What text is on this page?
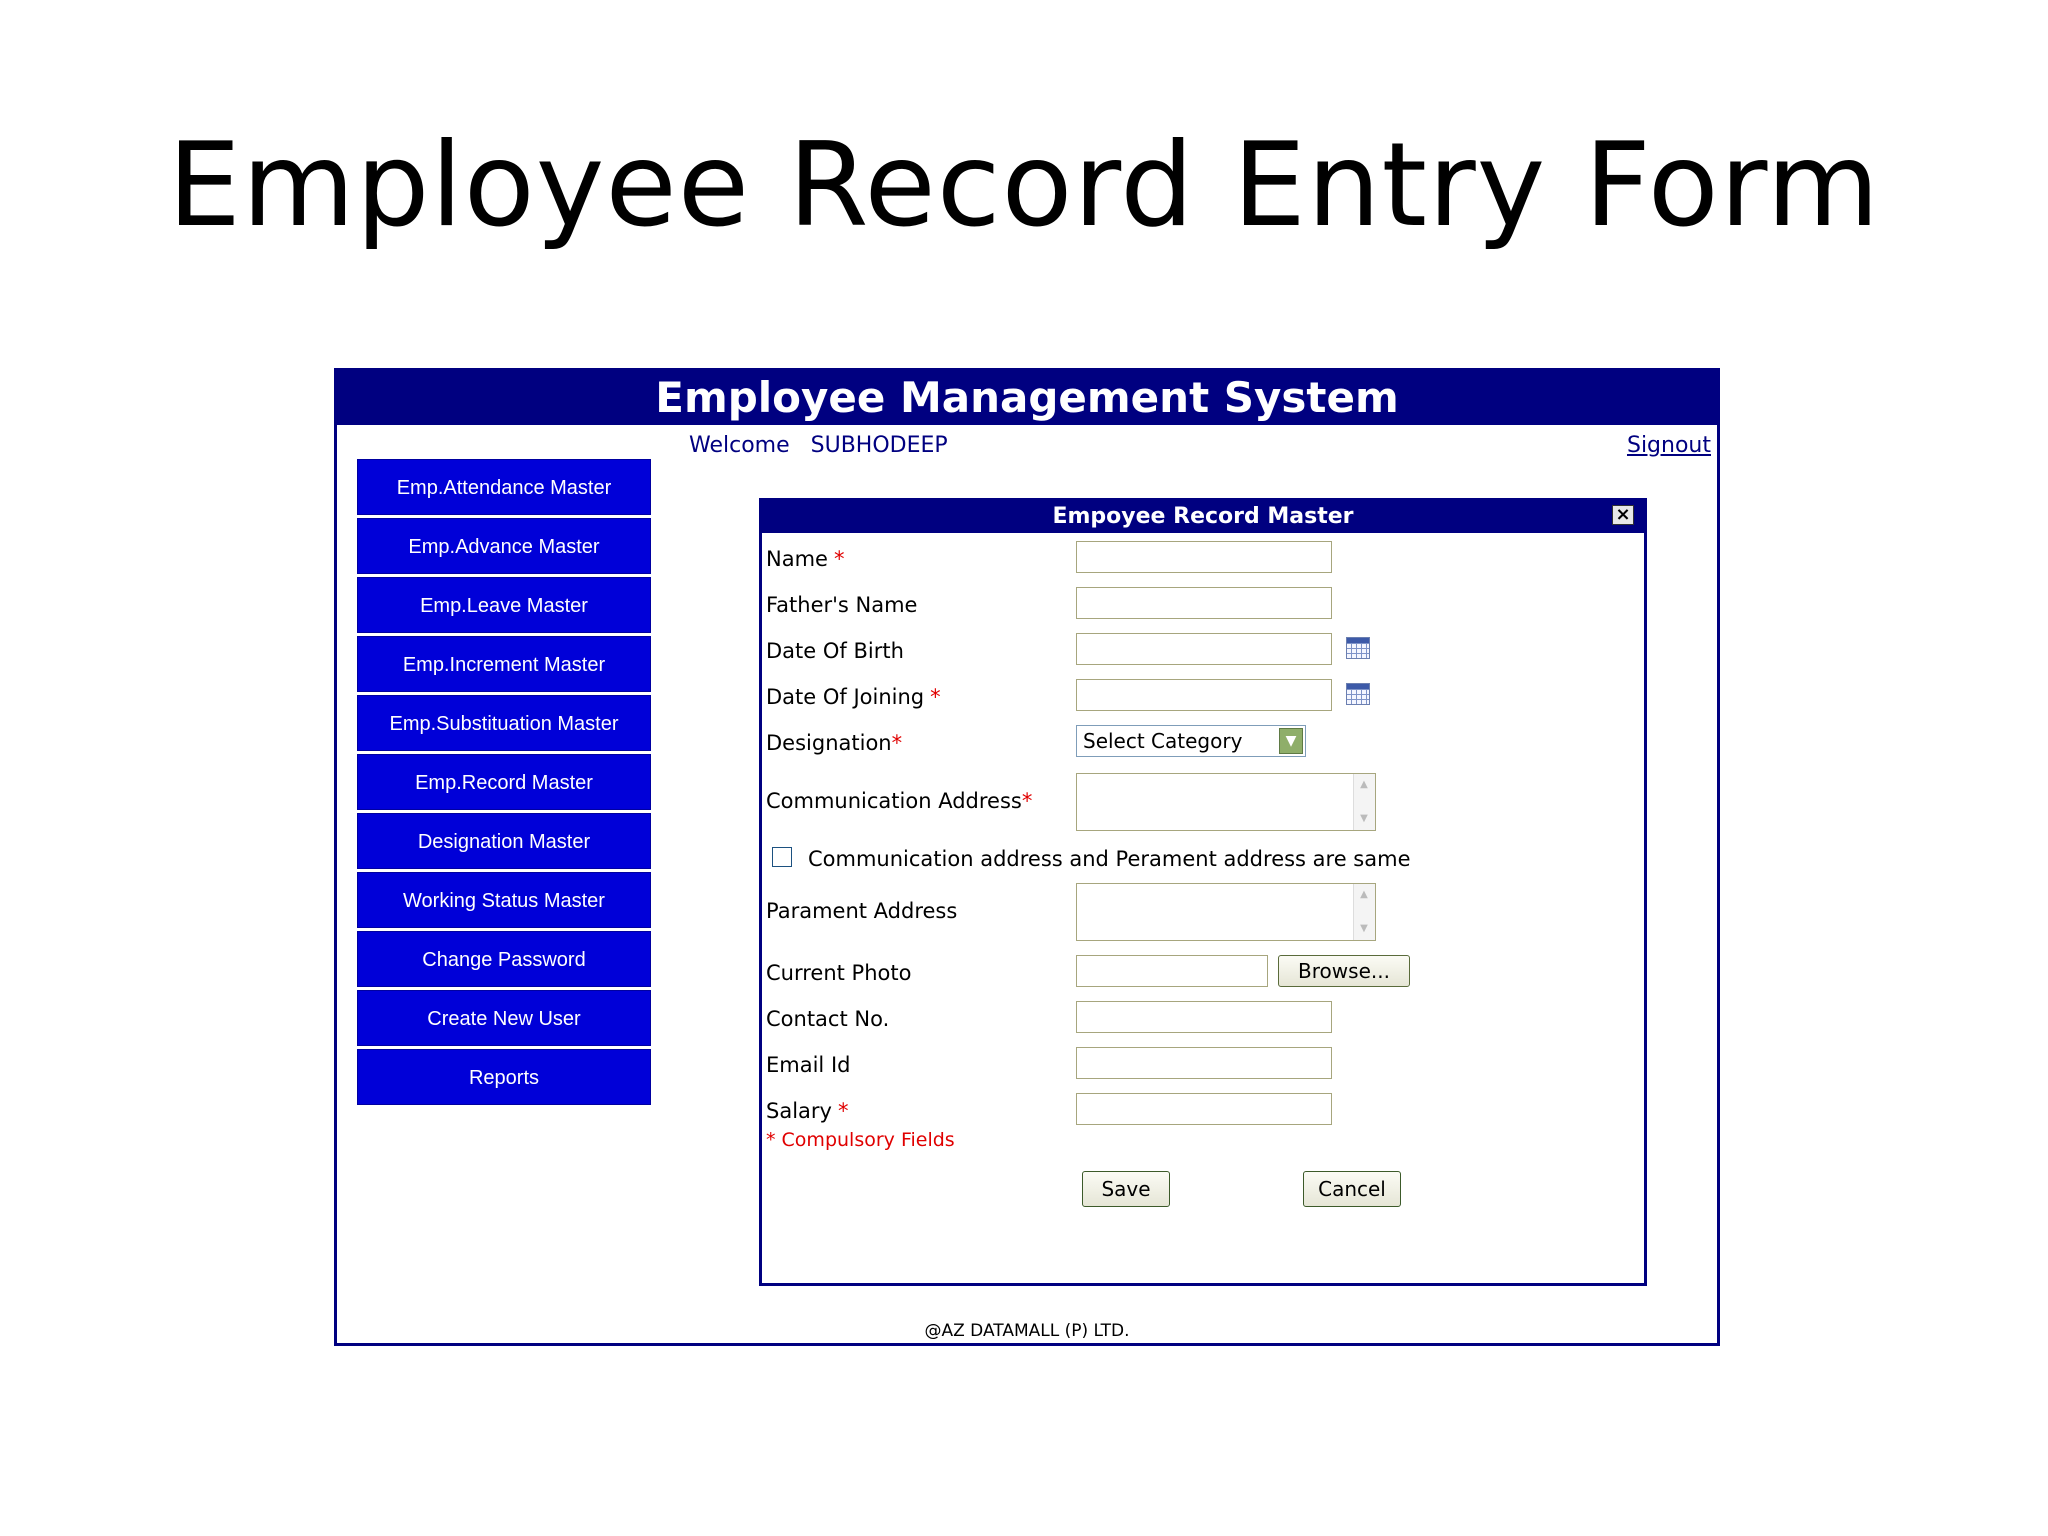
Employee Record Entry Form
Employee Management System
Welcome SUBHODEEP	Signout
Emp.Attendance Master
Emp.Advance Master
Emp.Leave Master
Emp.Increment Master
Emp.Substituation Master
Emp.Record Master
Designation Master
Working Status Master
Change Password
Create New User
Reports
Empoyee Record Master	×
Name *
Father's Name
Date Of Birth
Date Of Joining *
Designation*	Select Category	▼
Communication Address*
▲
▼
Communication address and Perament address are same
Parament Address
▲
▼
Current Photo	Browse...
Contact No.
Email Id
Salary *
* Compulsory Fields
Save	Cancel
@AZ DATAMALL (P) LTD.
